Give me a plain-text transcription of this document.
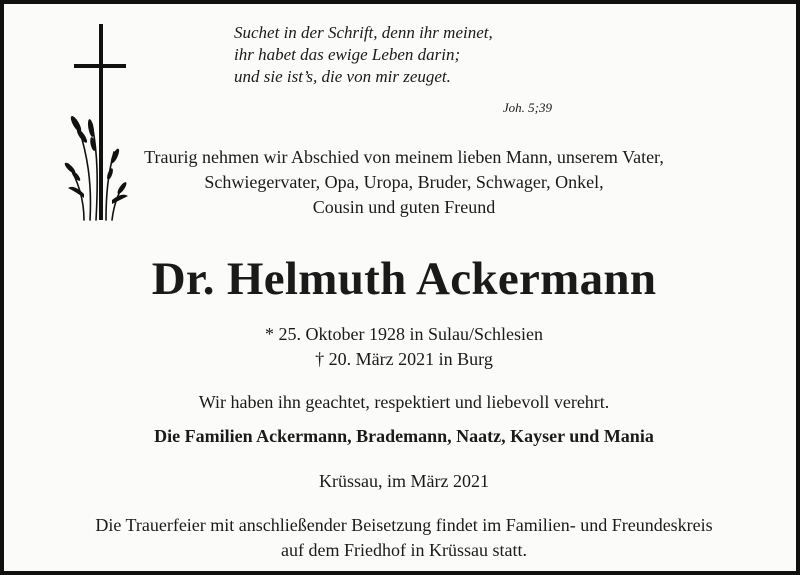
Suchet in der Schrift, denn ihr meinet,
ihr habet das ewige Leben darin;
und sie ist’s, die von mir zeuget.
Joh. 5;39
Traurig nehmen wir Abschied von meinem lieben Mann, unserem Vater,
Schwiegervater, Opa, Uropa, Bruder, Schwager, Onkel,
Cousin und guten Freund
Dr. Helmuth Ackermann
* 25. Oktober 1928 in Sulau/Schlesien
† 20. März 2021 in Burg
Wir haben ihn geachtet, respektiert und liebevoll verehrt.
Die Familien Ackermann, Brademann, Naatz, Kayser und Mania
Krüssau, im März 2021
Die Trauerfeier mit anschließender Beisetzung findet im Familien- und Freundeskreis
auf dem Friedhof in Krüssau statt.
